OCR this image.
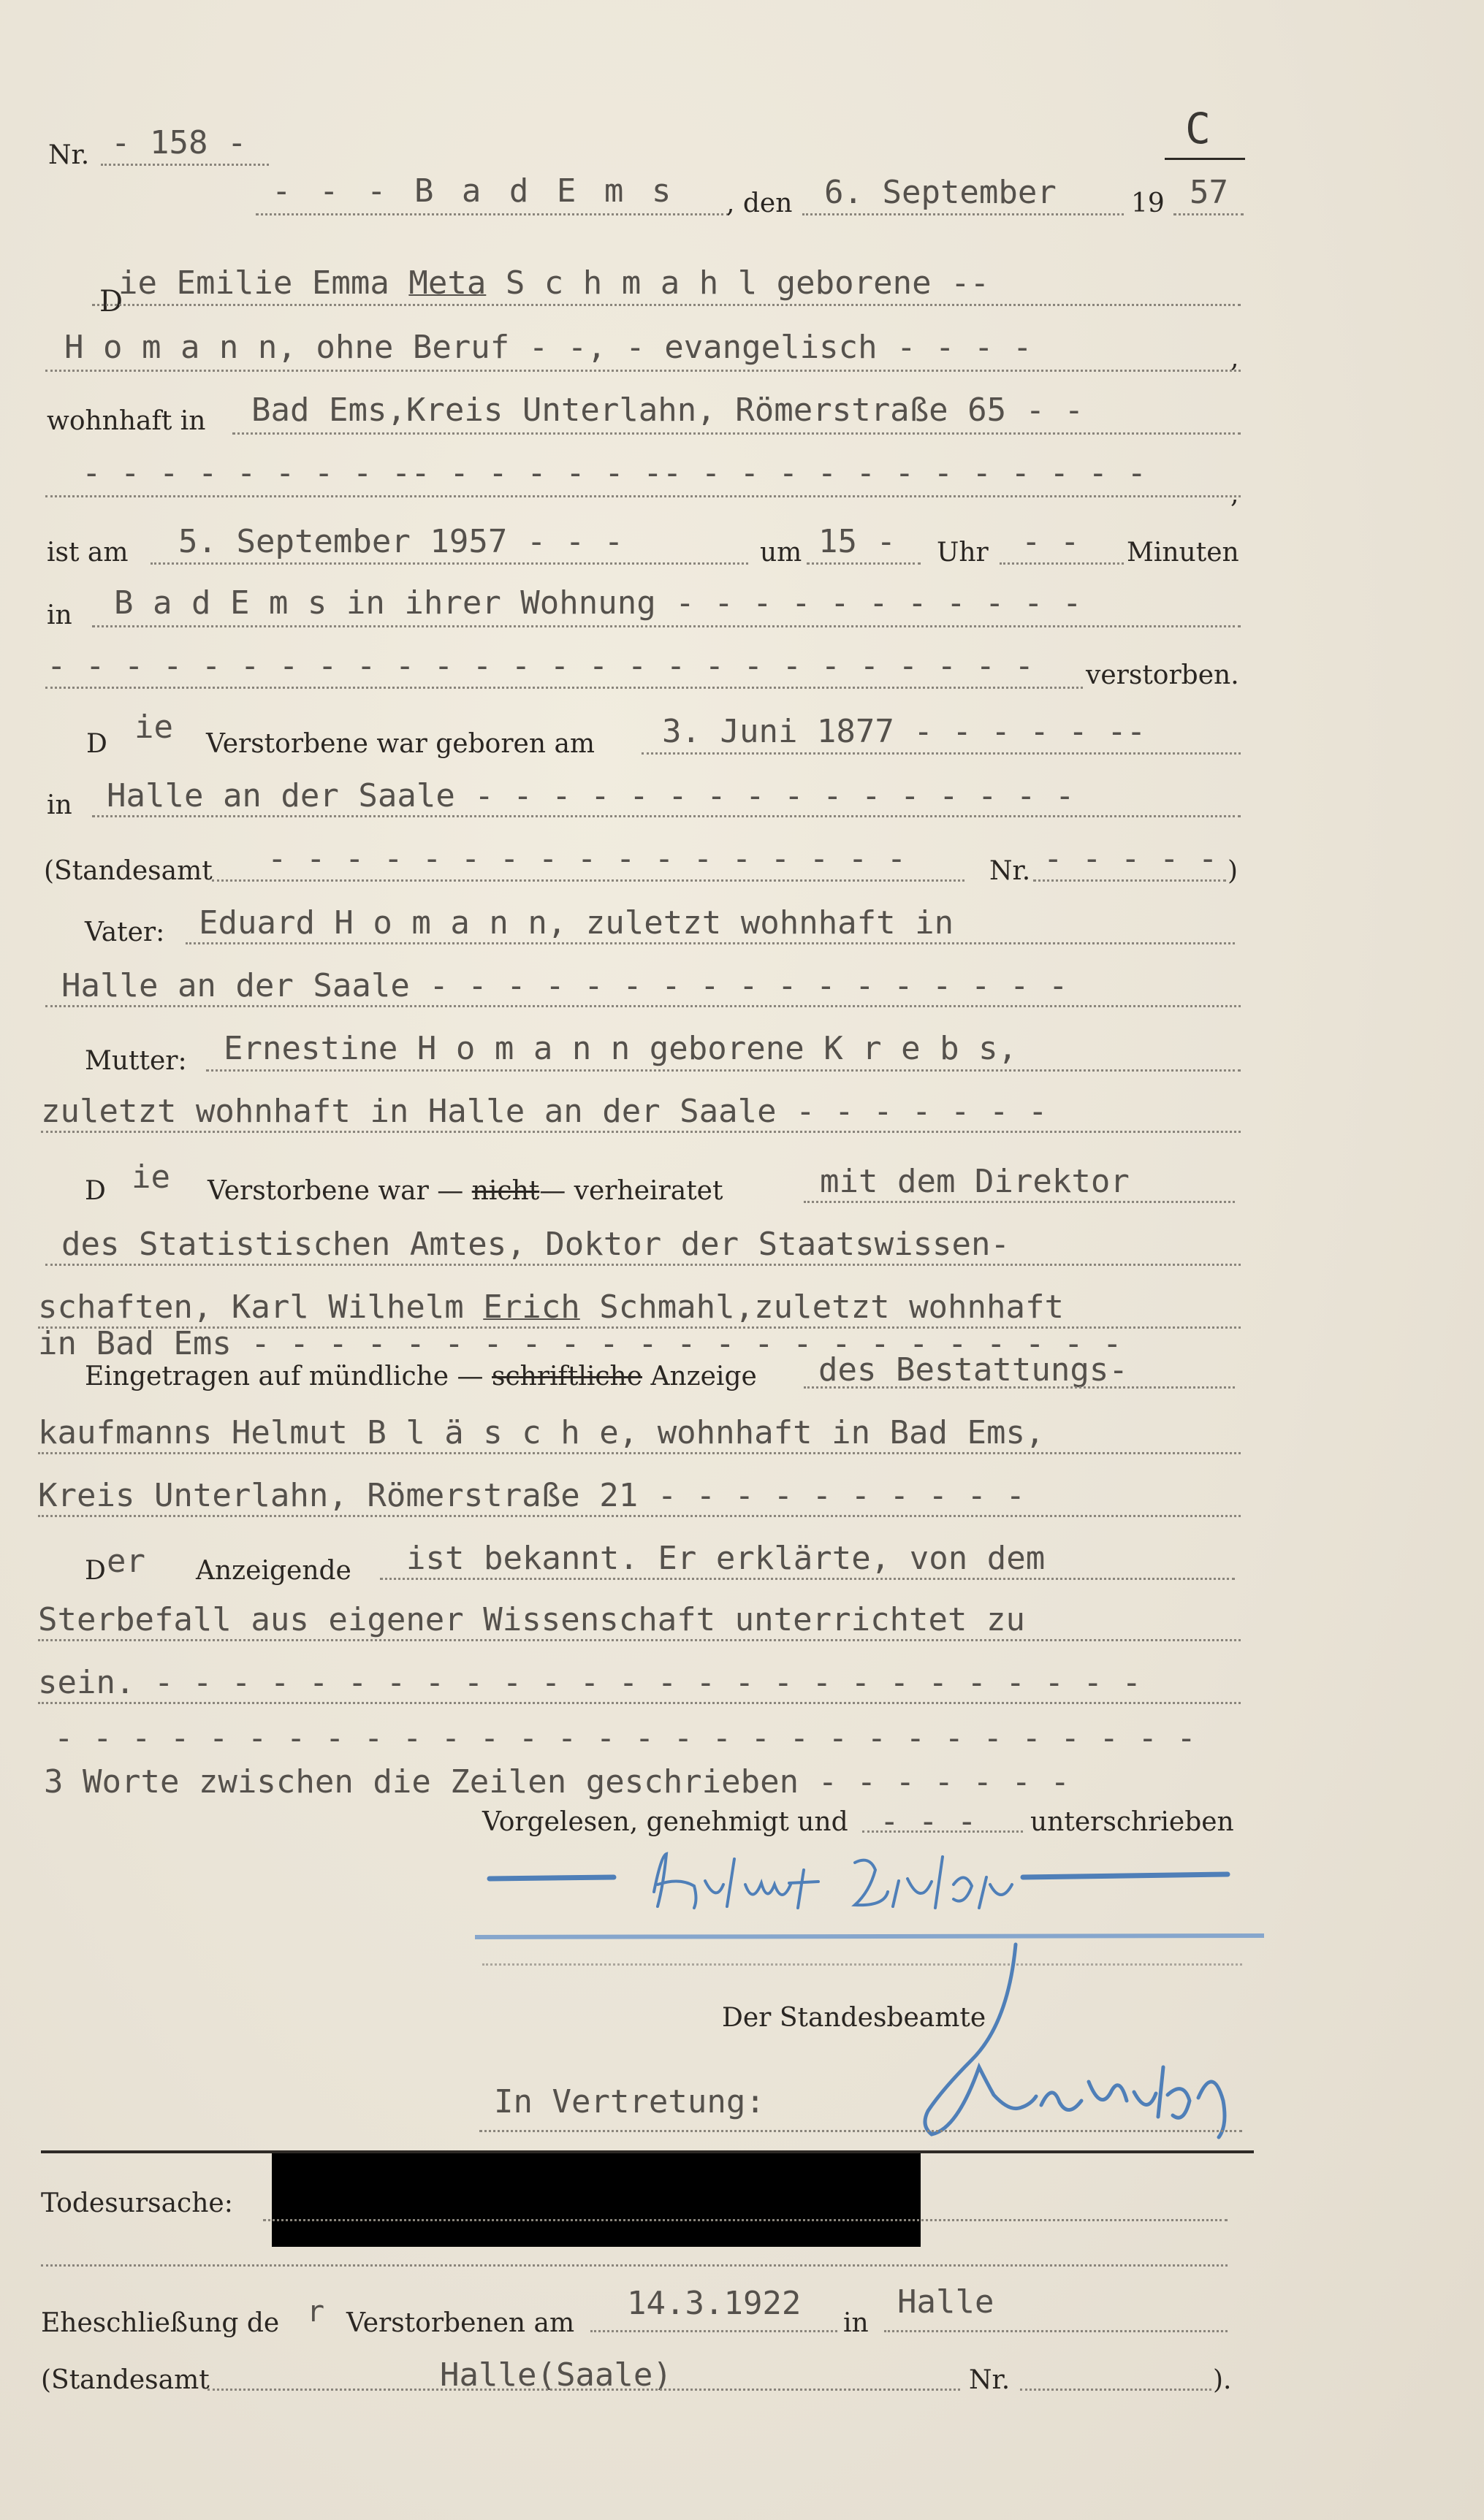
Nr. - 158 -	C
- - - B a d E m s , den 6. September	19 57
D
ie Emilie Emma Meta S c h m a h l geborene --
H o m a n n, ohne Beruf - -, - evangelisch - - - -	,
wohnhaft in Bad Ems,Kreis Unterlahn, Römerstraße 65 - -
- - - - - - - - -- - - - - - -- - - - - - - - - - - - -
,
ist am 5. September 1957 - - -	um 15 - Uhr - - Minuten
in B a d E m s in ihrer Wohnung - - - - - - - - - - -
- - - - - - - - - - - - - - - - - - - - - - - - - - verstorben.
D ie Verstorbene war geboren am 3. Juni 1877 - - - - - --
in Halle an der Saale - - - - - - - - - - - - - - - -
(Standesamt - - - - - - - - - - - - - - - - -	Nr. - - - - - )
Vater: Eduard H o m a n n, zuletzt wohnhaft in
Halle an der Saale - - - - - - - - - - - - - - - - -
Mutter: Ernestine H o m a n n geborene K r e b s,
zuletzt wohnhaft in Halle an der Saale - - - - - - -
D ie Verstorbene war — nicht— verheiratet	mit dem Direktor
des Statistischen Amtes, Doktor der Staatswissen-
schaften, Karl Wilhelm Erich Schmahl,zuletzt wohnhaft
in Bad Ems - - - - - - - - - - - - - - - - - - - - - - -
Eingetragen auf mündliche — schriftliche Anzeige des Bestattungs-
kaufmanns Helmut B l ä s c h e, wohnhaft in Bad Ems,
Kreis Unterlahn, Römerstraße 21 - - - - - - - - - -
D er Anzeigende ist bekannt. Er erklärte, von dem
Sterbefall aus eigener Wissenschaft unterrichtet zu
sein. - - - - - - - - - - - - - - - - - - - - - - - - - -
- - - - - - - - - - - - - - - - - - - - - - - - - - - - - -
3 Worte zwischen die Zeilen geschrieben - - - - - - -
Vorgelesen, genehmigt und - - - unterschrieben
Der Standesbeamte
In Vertretung:
Todesursache:
Eheschließung de r Verstorbenen am
14.3.1922
in
Halle
(Standesamt	Halle(Saale)	Nr.	).
